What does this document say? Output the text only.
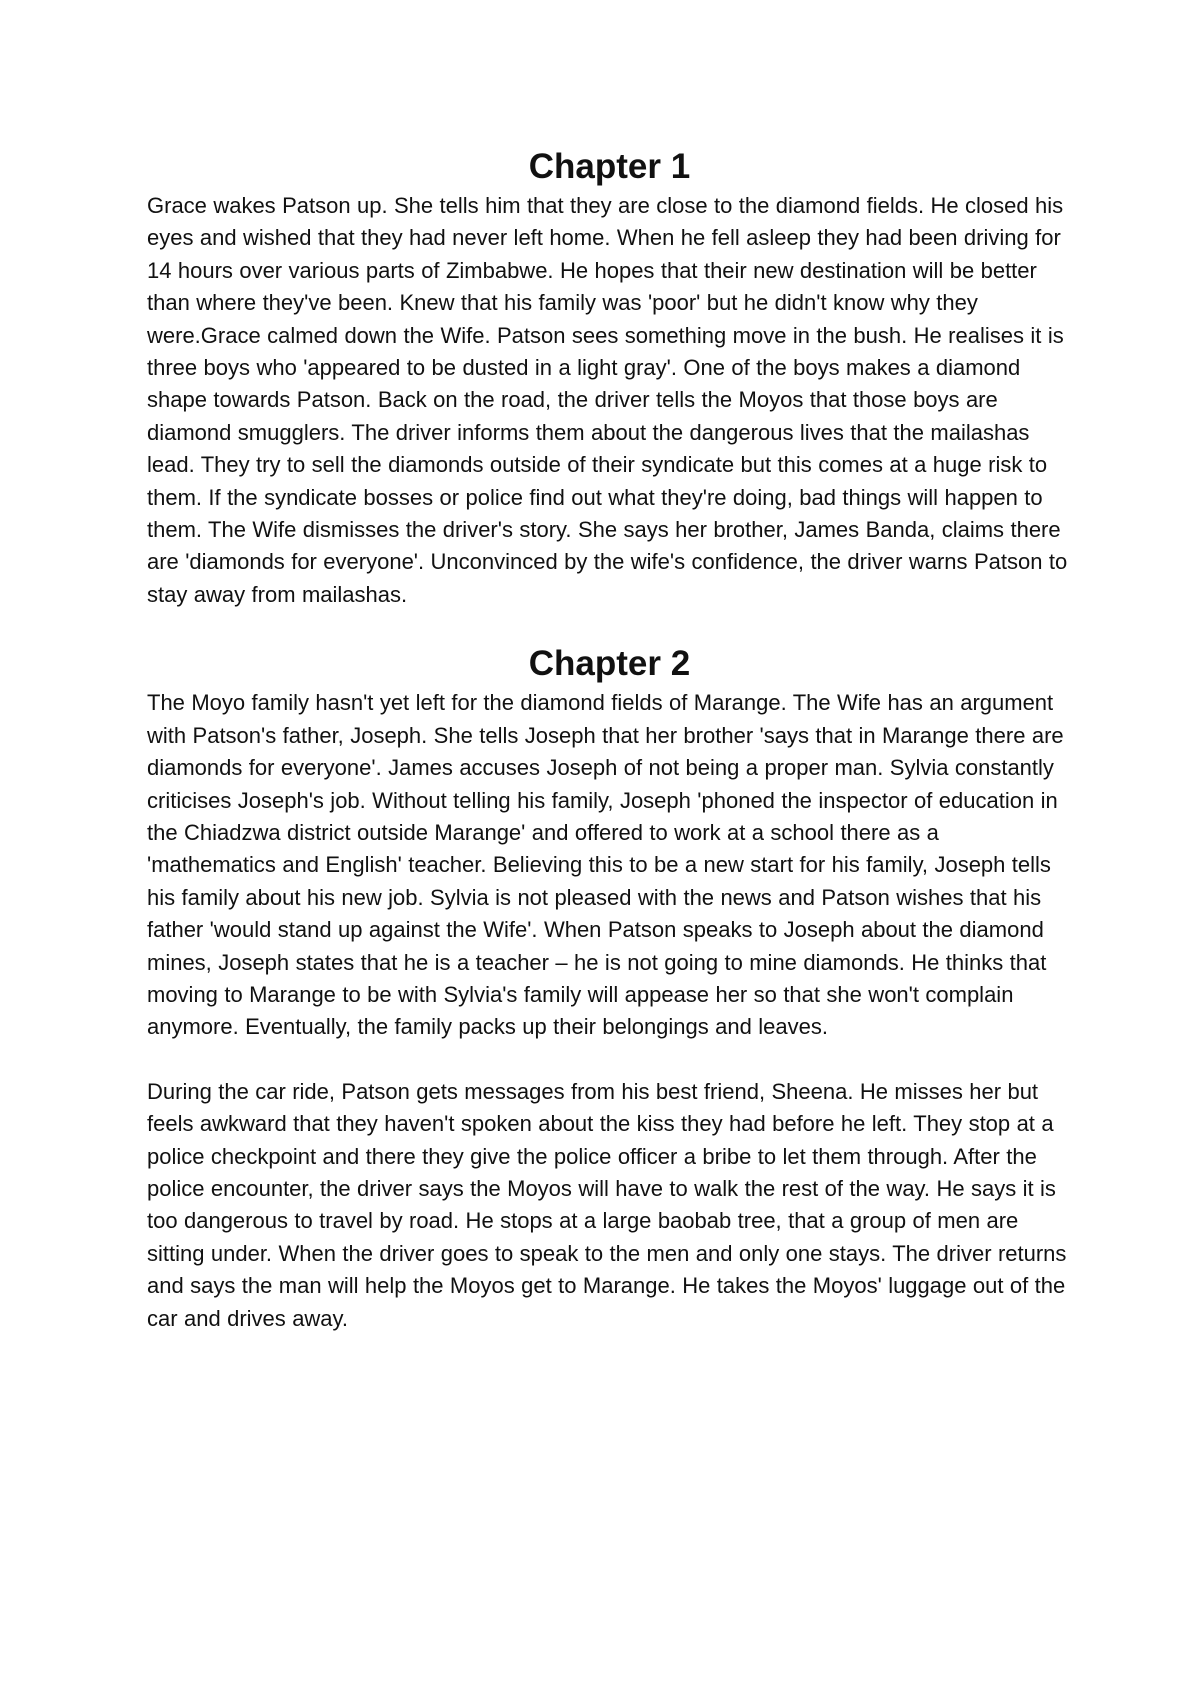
Chapter 1

Grace wakes Patson up. She tells him that they are close to the diamond fields. He closed his eyes and wished that they had never left home. When he fell asleep they had been driving for 14 hours over various parts of Zimbabwe. He hopes that their new destination will be better than where they've been. Knew that his family was 'poor' but he didn't know why they were.Grace calmed down the Wife. Patson sees something move in the bush. He realises it is three boys who 'appeared to be dusted in a light gray'. One of the boys makes a diamond shape towards Patson. Back on the road, the driver tells the Moyos that those boys are diamond smugglers. The driver informs them about the dangerous lives that the mailashas lead. They try to sell the diamonds outside of their syndicate but this comes at a huge risk to them. If the syndicate bosses or police find out what they're doing, bad things will happen to them. The Wife dismisses the driver's story. She says her brother, James Banda, claims there are 'diamonds for everyone'. Unconvinced by the wife's confidence, the driver warns Patson to stay away from mailashas.

Chapter 2

The Moyo family hasn't yet left for the diamond fields of Marange. The Wife has an argument with Patson's father, Joseph. She tells Joseph that her brother 'says that in Marange there are diamonds for everyone'. James accuses Joseph of not being a proper man. Sylvia constantly criticises Joseph's job. Without telling his family, Joseph 'phoned the inspector of education in the Chiadzwa district outside Marange' and offered to work at a school there as a 'mathematics and English' teacher. Believing this to be a new start for his family, Joseph tells his family about his new job. Sylvia is not pleased with the news and Patson wishes that his father 'would stand up against the Wife'. When Patson speaks to Joseph about the diamond mines, Joseph states that he is a teacher – he is not going to mine diamonds. He thinks that moving to Marange to be with Sylvia's family will appease her so that she won't complain anymore. Eventually, the family packs up their belongings and leaves.

During the car ride, Patson gets messages from his best friend, Sheena. He misses her but feels awkward that they haven't spoken about the kiss they had before he left. They stop at a police checkpoint and there they give the police officer a bribe to let them through. After the police encounter, the driver says the Moyos will have to walk the rest of the way. He says it is too dangerous to travel by road. He stops at a large baobab tree, that a group of men are sitting under. When the driver goes to speak to the men and only one stays. The driver returns and says the man will help the Moyos get to Marange. He takes the Moyos' luggage out of the car and drives away.
